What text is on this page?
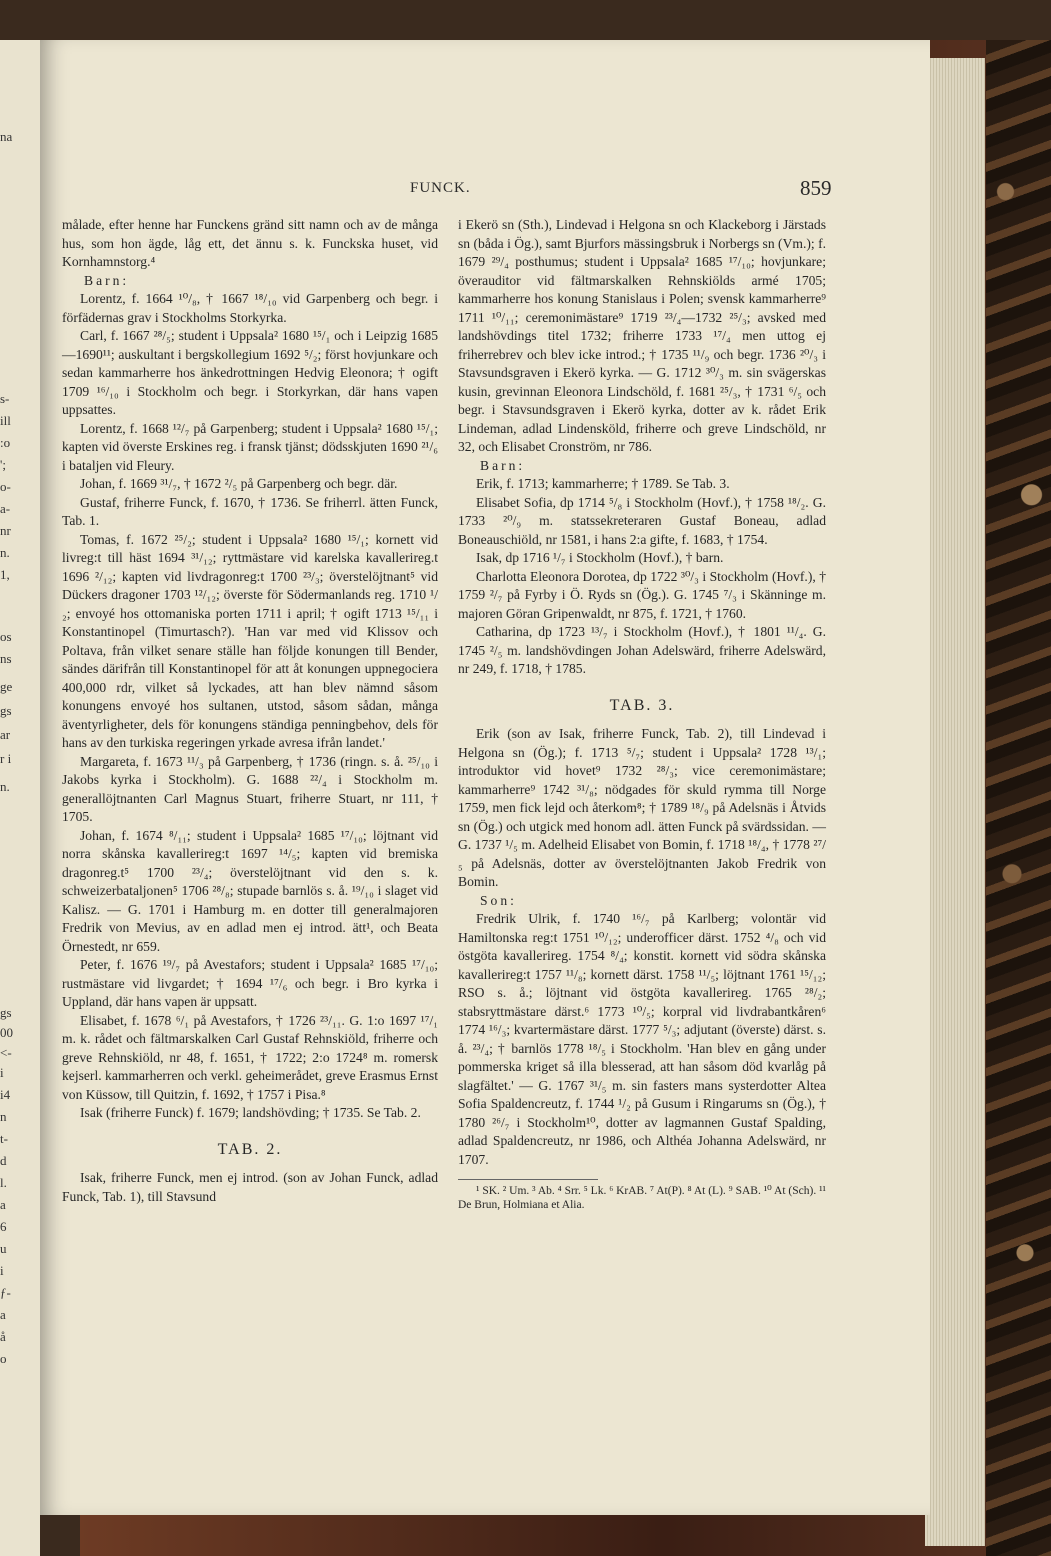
na
s-
ill
:o
';
o-
a-
nr
n.
1,
os
ns
ge
gs
ar
r i
n.
gs
00
<-
i
i4
n
t-
d
l.
a
6
u
i
ƒ-
a
å
o
FUNCK.	859

målade, efter henne har Funckens gränd sitt namn och av de många hus, som hon ägde, låg ett, det ännu s. k. Funckska huset, vid Kornhamnstorg.⁴

Barn:

Lorentz, f. 1664 ¹⁰/₈, † 1667 ¹⁸/₁₀ vid Garpenberg och begr. i förfädernas grav i Stockholms Storkyrka.

Carl, f. 1667 ²⁸/₅; student i Uppsala² 1680 ¹⁵/₁ och i Leipzig 1685—1690¹¹; auskultant i bergskollegium 1692 ⁵/₂; först hovjunkare och sedan kammarherre hos änkedrottningen Hedvig Eleonora; † ogift 1709 ¹⁶/₁₀ i Stockholm och begr. i Storkyrkan, där hans vapen uppsattes.

Lorentz, f. 1668 ¹²/₇ på Garpenberg; student i Uppsala² 1680 ¹⁵/₁; kapten vid överste Erskines reg. i fransk tjänst; dödsskjuten 1690 ²¹/₆ i bataljen vid Fleury.

Johan, f. 1669 ³¹/₇, † 1672 ²/₅ på Garpenberg och begr. där.

Gustaf, friherre Funck, f. 1670, † 1736. Se friherrl. ätten Funck, Tab. 1.

Tomas, f. 1672 ²⁵/₂; student i Uppsala² 1680 ¹⁵/₁; kornett vid livreg:t till häst 1694 ³¹/₁₂; ryttmästare vid karelska kavallerireg.t 1696 ²/₁₂; kapten vid livdragonreg:t 1700 ²³/₃; överstelöjtnant⁵ vid Dückers dragoner 1703 ¹²/₁₂; överste för Södermanlands reg. 1710 ¹/₂; envoyé hos ottomaniska porten 1711 i april; † ogift 1713 ¹⁵/₁₁ i Konstantinopel (Timurtasch?). 'Han var med vid Klissov och Poltava, från vilket senare ställe han följde konungen till Bender, sändes därifrån till Konstantinopel för att åt konungen uppnegociera 400,000 rdr, vilket så lyckades, att han blev nämnd såsom konungens envoyé hos sultanen, utstod, såsom sådan, många äventyrligheter, dels för konungens ständiga penningbehov, dels för hans av den turkiska regeringen yrkade avresa ifrån landet.'

Margareta, f. 1673 ¹¹/₃ på Garpenberg, † 1736 (ringn. s. å. ²⁵/₁₀ i Jakobs kyrka i Stockholm). G. 1688 ²²/₄ i Stockholm m. generallöjtnanten Carl Magnus Stuart, friherre Stuart, nr 111, † 1705.

Johan, f. 1674 ⁸/₁₁; student i Uppsala² 1685 ¹⁷/₁₀; löjtnant vid norra skånska kavallerireg:t 1697 ¹⁴/₅; kapten vid bremiska dragonreg.t⁵ 1700 ²³/₄; överstelöjtnant vid den s. k. schweizerbataljonen⁵ 1706 ²⁸/₈; stupade barnlös s. å. ¹⁹/₁₀ i slaget vid Kalisz. — G. 1701 i Hamburg m. en dotter till generalmajoren Fredrik von Mevius, av en adlad men ej introd. ätt¹, och Beata Örnestedt, nr 659.

Peter, f. 1676 ¹⁹/₇ på Avestafors; student i Uppsala² 1685 ¹⁷/₁₀; rustmästare vid livgardet; † 1694 ¹⁷/₆ och begr. i Bro kyrka i Uppland, där hans vapen är uppsatt.

Elisabet, f. 1678 ⁶/₁ på Avestafors, † 1726 ²³/₁₁. G. 1:o 1697 ¹⁷/₁ m. k. rådet och fältmarskalken Carl Gustaf Rehnskiöld, friherre och greve Rehnskiöld, nr 48, f. 1651, † 1722; 2:o 1724⁸ m. romersk kejserl. kammarherren och verkl. geheimerådet, greve Erasmus Ernst von Küssow, till Quitzin, f. 1692, † 1757 i Pisa.⁸

Isak (friherre Funck) f. 1679; landshövding; † 1735. Se Tab. 2.

TAB. 2.

Isak, friherre Funck, men ej introd. (son av Johan Funck, adlad Funck, Tab. 1), till Stavsund

i Ekerö sn (Sth.), Lindevad i Helgona sn och Klackeborg i Järstads sn (båda i Ög.), samt Bjurfors mässingsbruk i Norbergs sn (Vm.); f. 1679 ²⁹/₄ posthumus; student i Uppsala² 1685 ¹⁷/₁₀; hovjunkare; överauditor vid fältmarskalken Rehnskiölds armé 1705; kammarherre hos konung Stanislaus i Polen; svensk kammarherre⁹ 1711 ¹⁰/₁₁; ceremonimästare⁹ 1719 ²³/₄—1732 ²⁵/₃; avsked med landshövdings titel 1732; friherre 1733 ¹⁷/₄ men uttog ej friherrebrev och blev icke introd.; † 1735 ¹¹/₉ och begr. 1736 ²⁰/₃ i Stavsundsgraven i Ekerö kyrka. — G. 1712 ³⁰/₃ m. sin svägerskas kusin, grevinnan Eleonora Lindschöld, f. 1681 ²⁵/₃, † 1731 ⁶/₅ och begr. i Stavsundsgraven i Ekerö kyrka, dotter av k. rådet Erik Lindeman, adlad Lindensköld, friherre och greve Lindschöld, nr 32, och Elisabet Cronström, nr 786.

Barn:

Erik, f. 1713; kammarherre; † 1789. Se Tab. 3.

Elisabet Sofia, dp 1714 ⁵/₈ i Stockholm (Hovf.), † 1758 ¹⁸/₂. G. 1733 ²⁰/₉ m. statssekreteraren Gustaf Boneau, adlad Boneauschiöld, nr 1581, i hans 2:a gifte, f. 1683, † 1754.

Isak, dp 1716 ¹/₇ i Stockholm (Hovf.), † barn.

Charlotta Eleonora Dorotea, dp 1722 ³⁰/₃ i Stockholm (Hovf.), † 1759 ²/₇ på Fyrby i Ö. Ryds sn (Ög.). G. 1745 ⁷/₃ i Skänninge m. majoren Göran Gripenwaldt, nr 875, f. 1721, † 1760.

Catharina, dp 1723 ¹³/₇ i Stockholm (Hovf.), † 1801 ¹¹/₄. G. 1745 ²/₅ m. landshövdingen Johan Adelswärd, friherre Adelswärd, nr 249, f. 1718, † 1785.

TAB. 3.

Erik (son av Isak, friherre Funck, Tab. 2), till Lindevad i Helgona sn (Ög.); f. 1713 ⁵/₇; student i Uppsala² 1728 ¹³/₁; introduktor vid hovet⁹ 1732 ²⁸/₃; vice ceremonimästare; kammarherre⁹ 1742 ³¹/₈; nödgades för skuld rymma till Norge 1759, men fick lejd och återkom⁸; † 1789 ¹⁸/₉ på Adelsnäs i Åtvids sn (Ög.) och utgick med honom adl. ätten Funck på svärdssidan. — G. 1737 ¹/₅ m. Adelheid Elisabet von Bomin, f. 1718 ¹⁸/₄, † 1778 ²⁷/₅ på Adelsnäs, dotter av överstelöjtnanten Jakob Fredrik von Bomin.

Son:

Fredrik Ulrik, f. 1740 ¹⁶/₇ på Karlberg; volontär vid Hamiltonska reg:t 1751 ¹⁰/₁₂; underofficer därst. 1752 ⁴/₈ och vid östgöta kavallerireg. 1754 ⁸/₄; konstit. kornett vid södra skånska kavallerireg:t 1757 ¹¹/₈; kornett därst. 1758 ¹¹/₅; löjtnant 1761 ¹⁵/₁₂; RSO s. å.; löjtnant vid östgöta kavallerireg. 1765 ²⁸/₂; stabsryttmästare därst.⁶ 1773 ¹⁰/₅; korpral vid livdrabantkåren⁶ 1774 ¹⁶/₃; kvartermästare därst. 1777 ⁵/₃; adjutant (överste) därst. s. å. ²³/₄; † barnlös 1778 ¹⁸/₅ i Stockholm. 'Han blev en gång under pommerska kriget så illa blesserad, att han såsom död kvarlåg på slagfältet.' — G. 1767 ³¹/₅ m. sin fasters mans systerdotter Altea Sofia Spaldencreutz, f. 1744 ¹/₂ på Gusum i Ringarums sn (Ög.), † 1780 ²⁶/₇ i Stockholm¹⁰, dotter av lagmannen Gustaf Spalding, adlad Spaldencreutz, nr 1986, och Althéa Johanna Adelswärd, nr 1707.

¹ SK. ² Um. ³ Ab. ⁴ Srr. ⁵ Lk. ⁶ KrAB. ⁷ At(P). ⁸ At (L). ⁹ SAB. ¹⁰ At (Sch). ¹¹ De Brun, Holmiana et Alia.
